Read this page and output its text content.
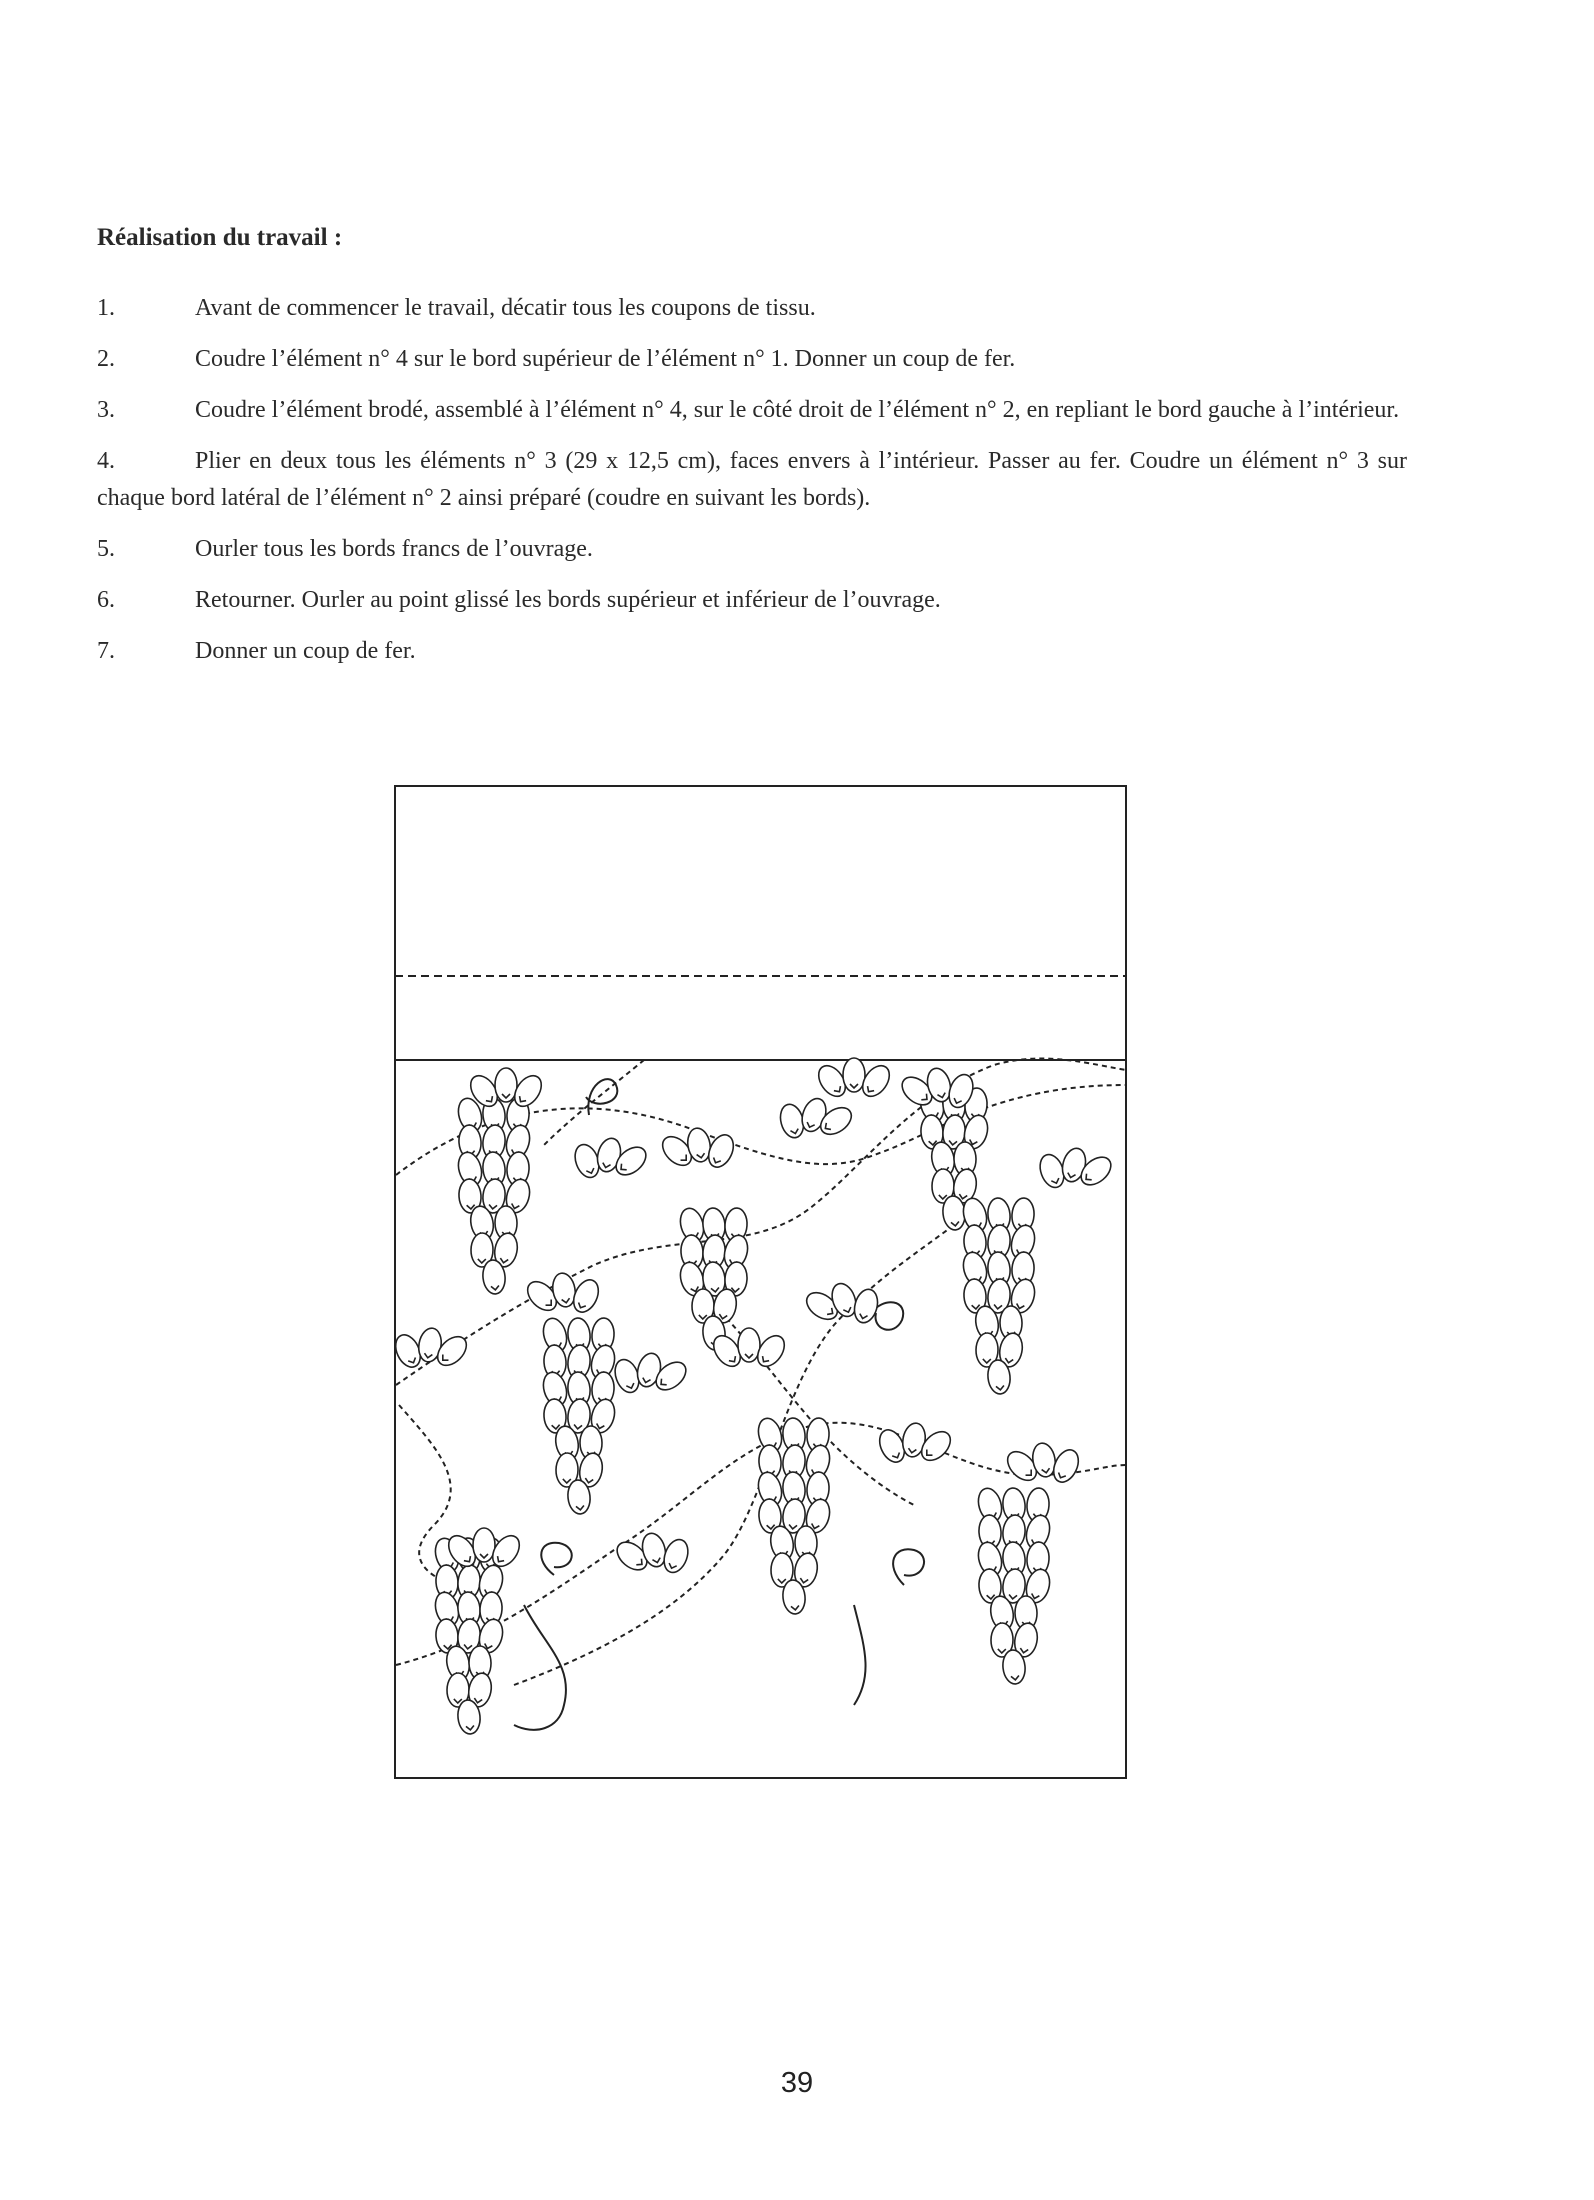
Réalisation du travail :
1.	Avant de commencer le travail, décatir tous les coupons de tissu.
2.	Coudre l’élément n° 4 sur le bord supérieur de l’élément n° 1. Donner un coup de fer.
3.	Coudre l’élément brodé, assemblé à l’élément n° 4, sur le côté droit de l’élément n° 2, en repliant le bord gauche à l’intérieur.
4.	Plier en deux tous les éléments n° 3 (29 x 12,5 cm), faces envers à l’intérieur. Passer au fer. Coudre un élément n° 3 sur chaque bord latéral de l’élément n° 2 ainsi préparé (coudre en suivant les bords).
5.	Ourler tous les bords francs de l’ouvrage.
6.	Retourner. Ourler au point glissé les bords supérieur et inférieur de l’ouvrage.
7.	Donner un coup de fer.
39
